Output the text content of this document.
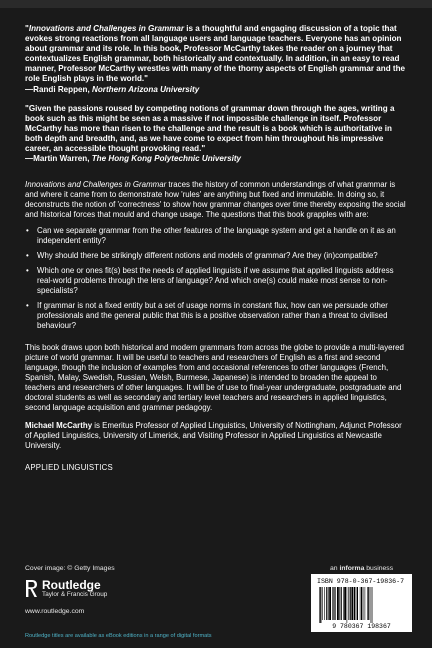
"Innovations and Challenges in Grammar is a thoughtful and engaging discussion of a topic that evokes strong reactions from all language users and language teachers. Everyone has an opinion about grammar and its role. In this book, Professor McCarthy takes the reader on a journey that contextualizes English grammar, both historically and contextually. In addition, in an easy to read manner, Professor McCarthy wrestles with many of the thorny aspects of English grammar and the role English plays in the world."
—Randi Reppen, Northern Arizona University

"Given the passions roused by competing notions of grammar down through the ages, writing a book such as this might be seen as a massive if not impossible challenge in itself. Professor McCarthy has more than risen to the challenge and the result is a book which is authoritative in both depth and breadth, and, as we have come to expect from him throughout his impressive career, an accessible thought provoking read."
—Martin Warren, The Hong Kong Polytechnic University

Innovations and Challenges in Grammar traces the history of common understandings of what grammar is and where it came from to demonstrate how 'rules' are anything but fixed and immutable. In doing so, it deconstructs the notion of 'correctness' to show how grammar changes over time thereby exposing the social and historical forces that mould and change usage. The questions that this book grapples with are:

• Can we separate grammar from the other features of the language system and get a handle on it as an independent entity?
• Why should there be strikingly different notions and models of grammar? Are they (in)compatible?
• Which one or ones fit(s) best the needs of applied linguists if we assume that applied linguists address real-world problems through the lens of language? And which one(s) could make most sense to non-specialists?
• If grammar is not a fixed entity but a set of usage norms in constant flux, how can we persuade other professionals and the general public that this is a positive observation rather than a threat to civilised behaviour?

This book draws upon both historical and modern grammars from across the globe to provide a multi-layered picture of world grammar. It will be useful to teachers and researchers of English as a first and second language, though the inclusion of examples from and occasional references to other languages (French, Spanish, Malay, Swedish, Russian, Welsh, Burmese, Japanese) is intended to broaden the appeal to teachers and researchers of other languages. It will be of use to final-year undergraduate, postgraduate and doctoral students as well as secondary and tertiary level teachers and researchers in applied linguistics, second language acquisition and grammar pedagogy.

Michael McCarthy is Emeritus Professor of Applied Linguistics, University of Nottingham, Adjunct Professor of Applied Linguistics, University of Limerick, and Visiting Professor in Applied Linguistics at Newcastle University.

APPLIED LINGUISTICS
Cover image: © Getty Images	an informa business
Routledge
Taylor & Francis Group
www.routledge.com
Routledge titles are available as eBook editions in a range of digital formats
ISBN 978-0-367-19836-7
9 780367 198367
